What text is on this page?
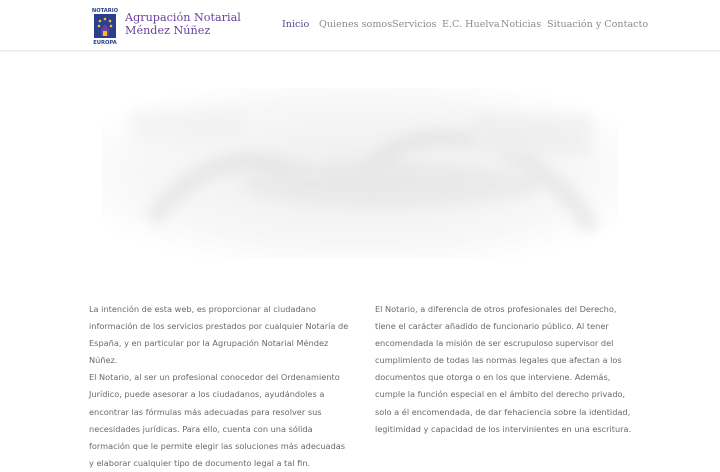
NOTARIO
EUROPA
Agrupación Notarial
Méndez Núñez	Inicio Quienes somos Servicios E.C. Huelva Noticias Situación y Contacto

La intención de esta web, es proporcionar al ciudadano información de los servicios prestados por cualquier Notaría de España, y en particular por la Agrupación Notarial Méndez Núñez.

El Notario, al ser un profesional conocedor del Ordenamiento Jurídico, puede asesorar a los ciudadanos, ayudándoles a encontrar las fórmulas más adecuadas para resolver sus necesidades jurídicas. Para ello, cuenta con una sólida formación que le permite elegir las soluciones más adecuadas y elaborar cualquier tipo de documento legal a tal fin.

El Notario, a diferencia de otros profesionales del Derecho, tiene el carácter añadido de funcionario público. Al tener encomendada la misión de ser escrupuloso supervisor del cumplimiento de todas las normas legales que afectan a los documentos que otorga o en los que interviene. Además, cumple la función especial en el ámbito del derecho privado, solo a él encomendada, de dar fehaciencia sobre la identidad, legitimidad y capacidad de los intervinientes en una escritura.
